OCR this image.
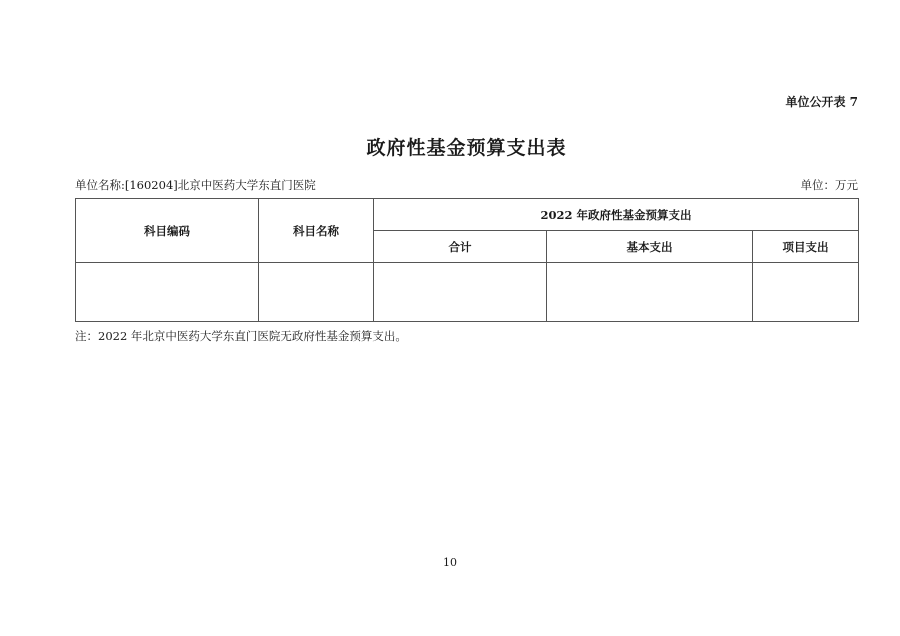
单位公开表 7
政府性基金预算支出表
单位名称:[160204]北京中医药大学东直门医院	单位：万元
科目编码	科目名称	2022 年政府性基金预算支出		
		合计	基本支出	项目支出

注：2022 年北京中医药大学东直门医院无政府性基金预算支出。
10
